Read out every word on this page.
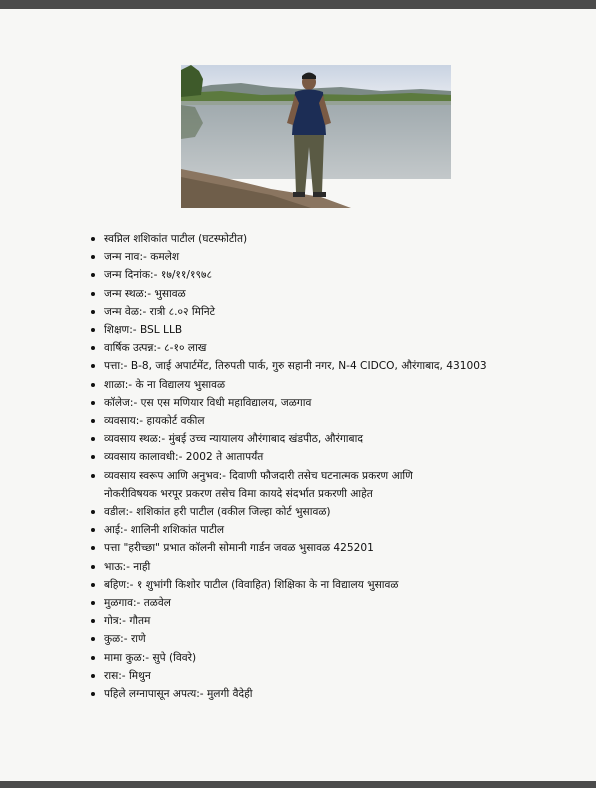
स्वप्निल शशिकांत पाटील (घटस्फोटीत)
जन्म नाव:- कमलेश
जन्म दिनांक:- १७/११/१९७८
जन्म स्थळ:- भुसावळ
जन्म वेळ:- रात्री ८.०२ मिनिटे
शिक्षण:- BSL LLB
वार्षिक उत्पन्न:- ८-१० लाख
पत्ता:- B-8, जाई अपार्टमेंट, तिरुपती पार्क, गुरु सहानी नगर, N-4 CIDCO, औरंगाबाद, 431003
शाळा:- के ना विद्यालय भुसावळ
कॉलेज:- एस एस मणियार विधी महाविद्यालय, जळगाव
व्यवसाय:- हायकोर्ट वकील
व्यवसाय स्थळ:- मुंबई उच्च न्यायालय औरंगाबाद खंडपीठ, औरंगाबाद
व्यवसाय कालावधी:- 2002 ते आतापर्यंत
व्यवसाय स्वरूप आणि अनुभव:- दिवाणी फौजदारी तसेच घटनात्मक प्रकरण आणि
नोकरीविषयक भरपूर प्रकरण तसेच विमा कायदे संदर्भात प्रकरणी आहेत
वडील:- शशिकांत हरी पाटील (वकील जिल्हा कोर्ट भुसावळ)
आई:- शालिनी शशिकांत पाटील
पत्ता "हरीच्छा" प्रभात कॉलनी सोमानी गार्डन जवळ भुसावळ 425201
भाऊ:- नाही
बहिण:- १ शुभांगी किशोर पाटील (विवाहित) शिक्षिका के ना विद्यालय भुसावळ
मुळगाव:- तळवेल
गोत्र:- गौतम
कुळ:- राणे
मामा कुळ:- सुपे (विवरे)
रास:- मिथुन
पहिले लग्नापासून अपत्य:- मुलगी वैदेही
